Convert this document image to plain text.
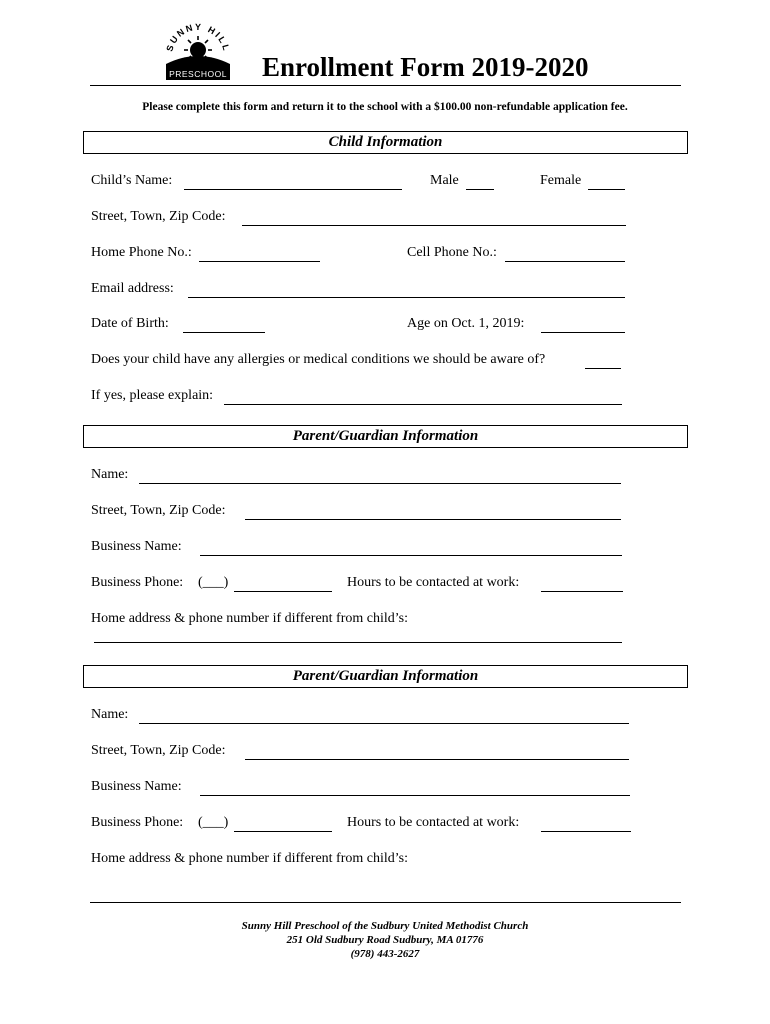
SUNNY HILL
PRESCHOOL Enrollment Form 2019-2020
Please complete this form and return it to the school with a $100.00 non-refundable application fee.
Child Information
Child’s Name:	Male	Female
Street, Town, Zip Code:
Home Phone No.:	Cell Phone No.:
Email address:
Date of Birth:	Age on Oct. 1, 2019:
Does your child have any allergies or medical conditions we should be aware of?
If yes, please explain:
Parent/Guardian Information
Name:
Street, Town, Zip Code:
Business Name:
Business Phone: (___)	Hours to be contacted at work:
Home address & phone number if different from child’s:
Parent/Guardian Information
Name:
Street, Town, Zip Code:
Business Name:
Business Phone: (___)	Hours to be contacted at work:
Home address & phone number if different from child’s:
Sunny Hill Preschool of the Sudbury United Methodist Church
251 Old Sudbury Road Sudbury, MA 01776
(978) 443-2627
